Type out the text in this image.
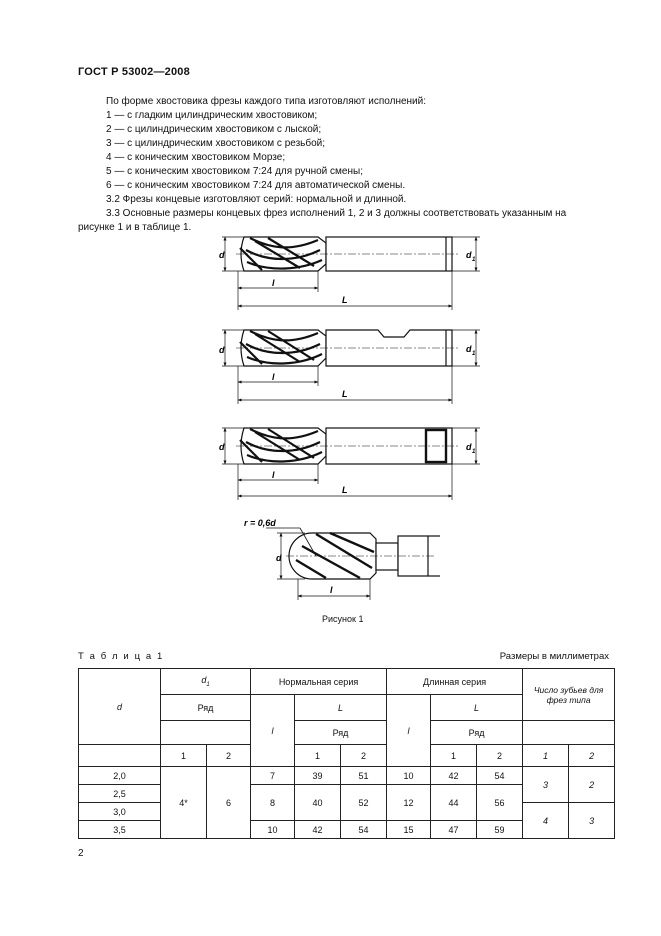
ГОСТ Р 53002—2008
По форме хвостовика фрезы каждого типа изготовляют исполнений:
1 — с гладким цилиндрическим хвостовиком;
2 — с цилиндрическим хвостовиком с лыской;
3 — с цилиндрическим хвостовиком с резьбой;
4 — с коническим хвостовиком Морзе;
5 — с коническим хвостовиком 7:24 для ручной смены;
6 — с коническим хвостовиком 7:24 для автоматической смены.
3.2 Фрезы концевые изготовляют серий: нормальной и длинной.
3.3 Основные размеры концевых фрез исполнений 1, 2 и 3 должны соответствовать указанным на
рисунке 1 и в таблице 1.
d	d 1
l
L
d	d 1
l
L
d	d 1
l
L
r = 0,6d
d
l
Рисунок 1
Т а б л и ц а 1	Размеры в миллиметрах
d	$d_1$		Нормальная серия			Длинная серия			Число зубьев для фрез типа	
	Ряд		l	L		l	L			
				Ряд			Ряд			
	1	2		1	2		1	2	1	2
2,0	4*	6	7	39	51	10	42	54	3	2
2,5			8	40	52	12	44	56		
3,0									4	3
3,5			10	42	54	15	47	59		
2
